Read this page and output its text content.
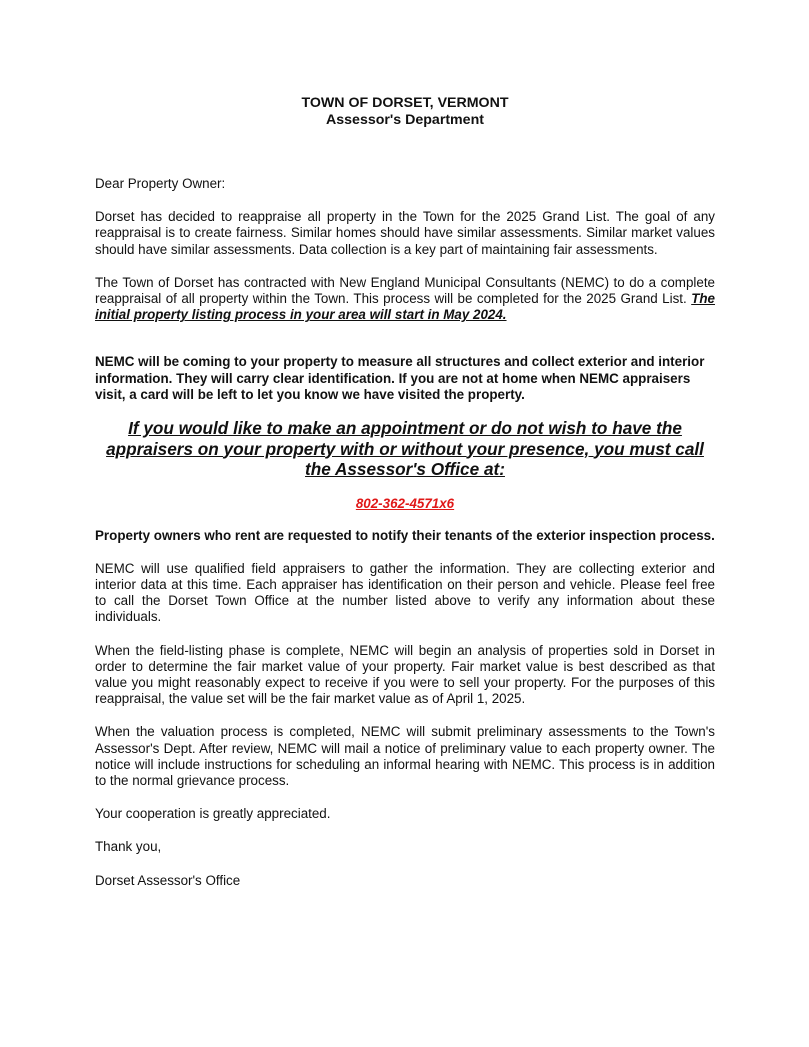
TOWN OF DORSET, VERMONT

Assessor's Department

Dear Property Owner:

Dorset has decided to reappraise all property in the Town for the 2025 Grand List. The goal of any reappraisal is to create fairness. Similar homes should have similar assessments. Similar market values should have similar assessments. Data collection is a key part of maintaining fair assessments.

The Town of Dorset has contracted with New England Municipal Consultants (NEMC) to do a complete reappraisal of all property within the Town. This process will be completed for the 2025 Grand List. The initial property listing process in your area will start in May 2024.

NEMC will be coming to your property to measure all structures and collect exterior and interior information. They will carry clear identification. If you are not at home when NEMC appraisers visit, a card will be left to let you know we have visited the property.

If you would like to make an appointment or do not wish to have the appraisers on your property with or without your presence, you must call the Assessor's Office at:

802-362-4571x6

Property owners who rent are requested to notify their tenants of the exterior inspection process.

NEMC will use qualified field appraisers to gather the information. They are collecting exterior and interior data at this time. Each appraiser has identification on their person and vehicle. Please feel free to call the Dorset Town Office at the number listed above to verify any information about these individuals.

When the field-listing phase is complete, NEMC will begin an analysis of properties sold in Dorset in order to determine the fair market value of your property. Fair market value is best described as that value you might reasonably expect to receive if you were to sell your property. For the purposes of this reappraisal, the value set will be the fair market value as of April 1, 2025.

When the valuation process is completed, NEMC will submit preliminary assessments to the Town's Assessor's Dept. After review, NEMC will mail a notice of preliminary value to each property owner. The notice will include instructions for scheduling an informal hearing with NEMC. This process is in addition to the normal grievance process.

Your cooperation is greatly appreciated.

Thank you,

Dorset Assessor's Office
